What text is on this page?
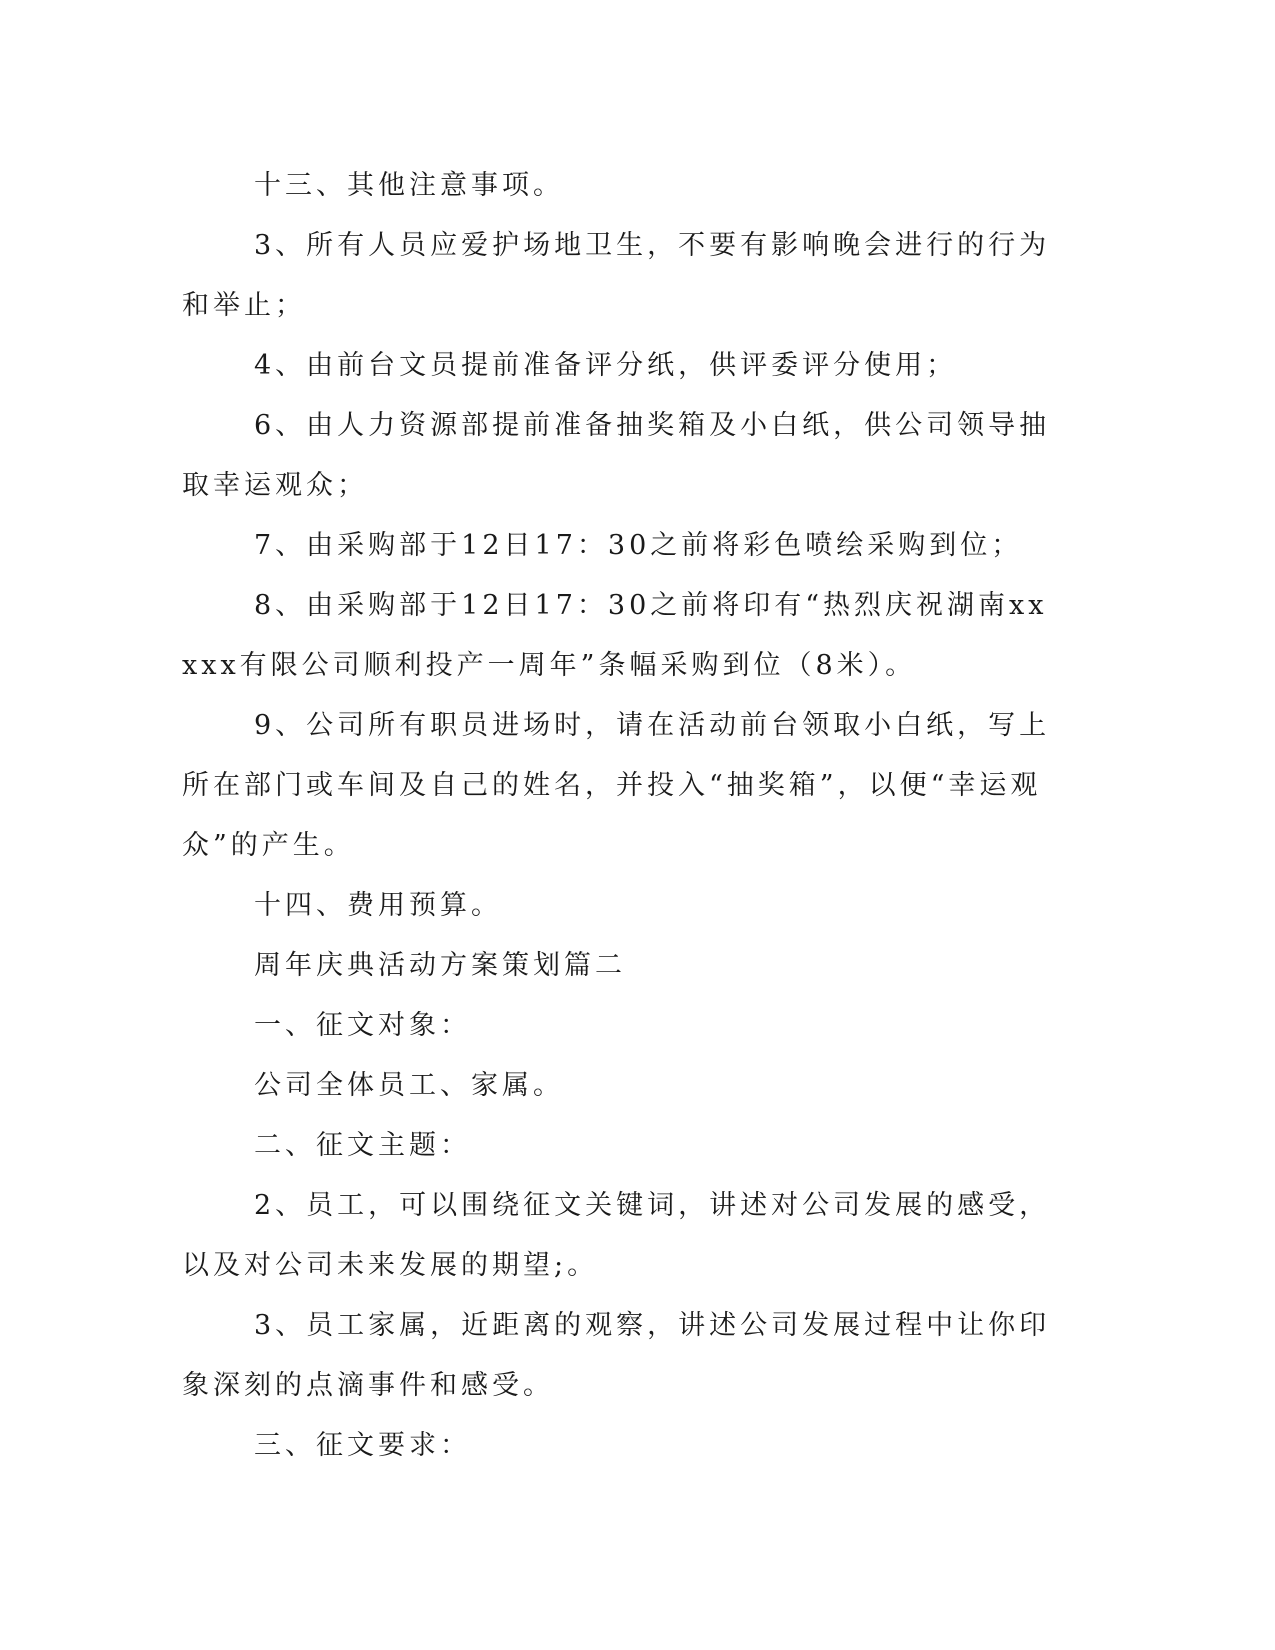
十三、其他注意事项。

3、所有人员应爱护场地卫生，不要有影响晚会进行的行为和举止；

4、由前台文员提前准备评分纸，供评委评分使用；

6、由人力资源部提前准备抽奖箱及小白纸，供公司领导抽取幸运观众；

7、由采购部于12日17：30之前将彩色喷绘采购到位；

8、由采购部于12日17：30之前将印有“热烈庆祝湖南xxxxx有限公司顺利投产一周年”条幅采购到位（8米）。

9、公司所有职员进场时，请在活动前台领取小白纸，写上所在部门或车间及自己的姓名，并投入“抽奖箱”，以便“幸运观众”的产生。

十四、费用预算。

周年庆典活动方案策划篇二

一、征文对象：

公司全体员工、家属。

二、征文主题：

2、员工，可以围绕征文关键词，讲述对公司发展的感受，以及对公司未来发展的期望;。

3、员工家属，近距离的观察，讲述公司发展过程中让你印象深刻的点滴事件和感受。

三、征文要求：
